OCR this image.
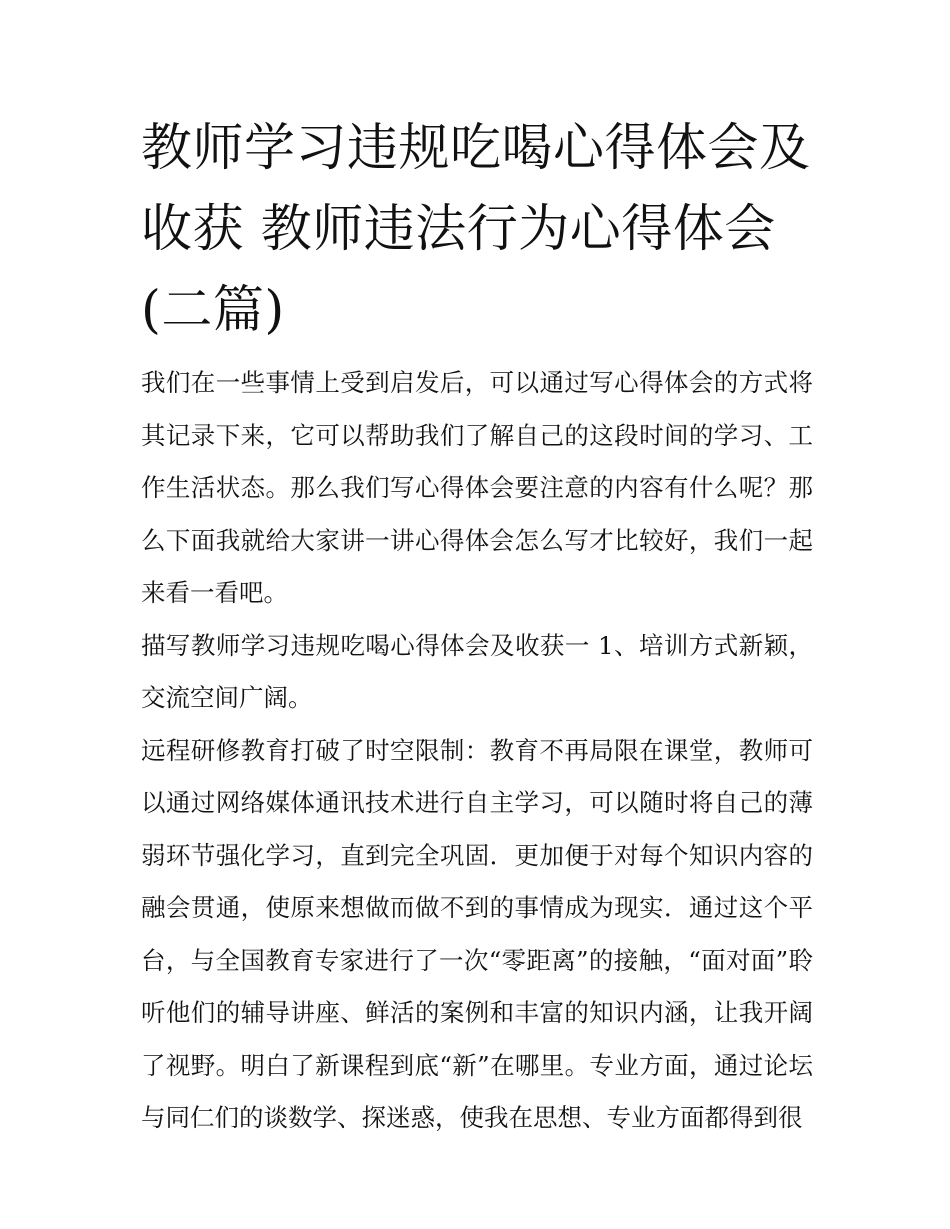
教师学习违规吃喝心得体会及收获 教师违法行为心得体会(二篇)

我们在一些事情上受到启发后，可以通过写心得体会的方式将其记录下来，它可以帮助我们了解自己的这段时间的学习、工作生活状态。那么我们写心得体会要注意的内容有什么呢？那么下面我就给大家讲一讲心得体会怎么写才比较好，我们一起来看一看吧。

描写教师学习违规吃喝心得体会及收获一 1、培训方式新颖，交流空间广阔。

远程研修教育打破了时空限制：教育不再局限在课堂，教师可以通过网络媒体通讯技术进行自主学习，可以随时将自己的薄弱环节强化学习，直到完全巩固．更加便于对每个知识内容的融会贯通，使原来想做而做不到的事情成为现实．通过这个平台，与全国教育专家进行了一次“零距离”的接触，“面对面”聆听他们的辅导讲座、鲜活的案例和丰富的知识内涵，让我开阔了视野。明白了新课程到底“新”在哪里。专业方面，通过论坛与同仁们的谈数学、探迷惑，使我在思想、专业方面都得到很
